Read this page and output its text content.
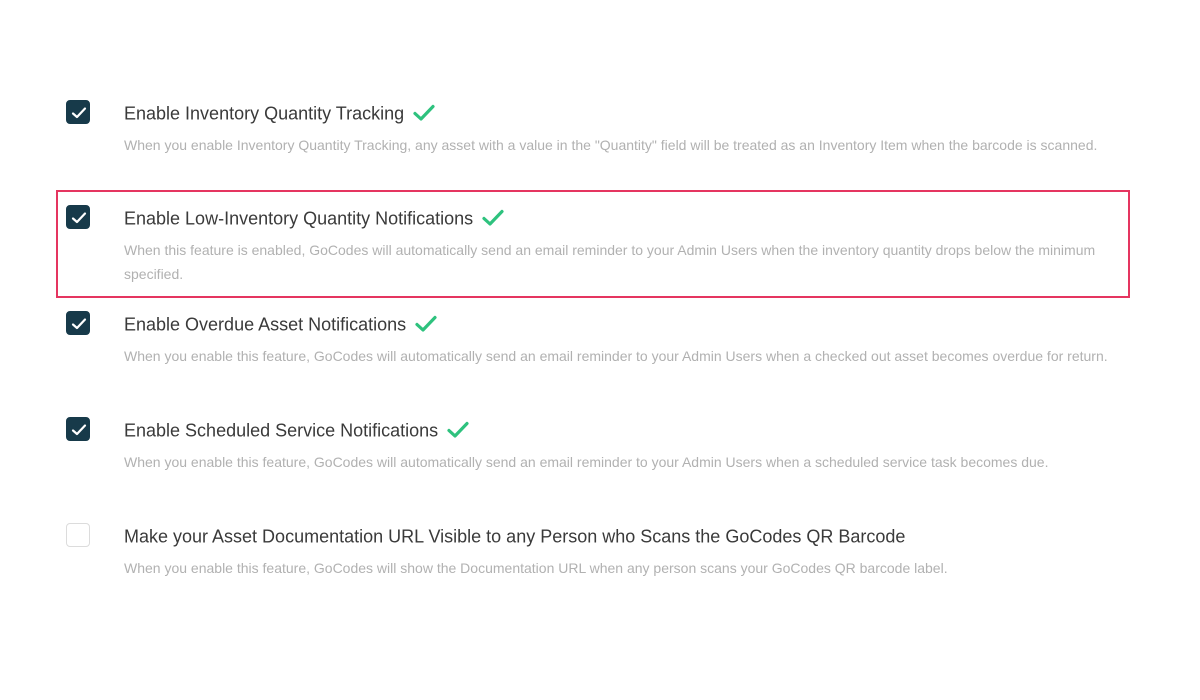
Enable Inventory Quantity Tracking
When you enable Inventory Quantity Tracking, any asset with a value in the "Quantity" field will be treated as an Inventory Item when the barcode is scanned.
Enable Low-Inventory Quantity Notifications
When this feature is enabled, GoCodes will automatically send an email reminder to your Admin Users when the inventory quantity drops below the minimum specified.
Enable Overdue Asset Notifications
When you enable this feature, GoCodes will automatically send an email reminder to your Admin Users when a checked out asset becomes overdue for return.
Enable Scheduled Service Notifications
When you enable this feature, GoCodes will automatically send an email reminder to your Admin Users when a scheduled service task becomes due.
Make your Asset Documentation URL Visible to any Person who Scans the GoCodes QR Barcode
When you enable this feature, GoCodes will show the Documentation URL when any person scans your GoCodes QR barcode label.
